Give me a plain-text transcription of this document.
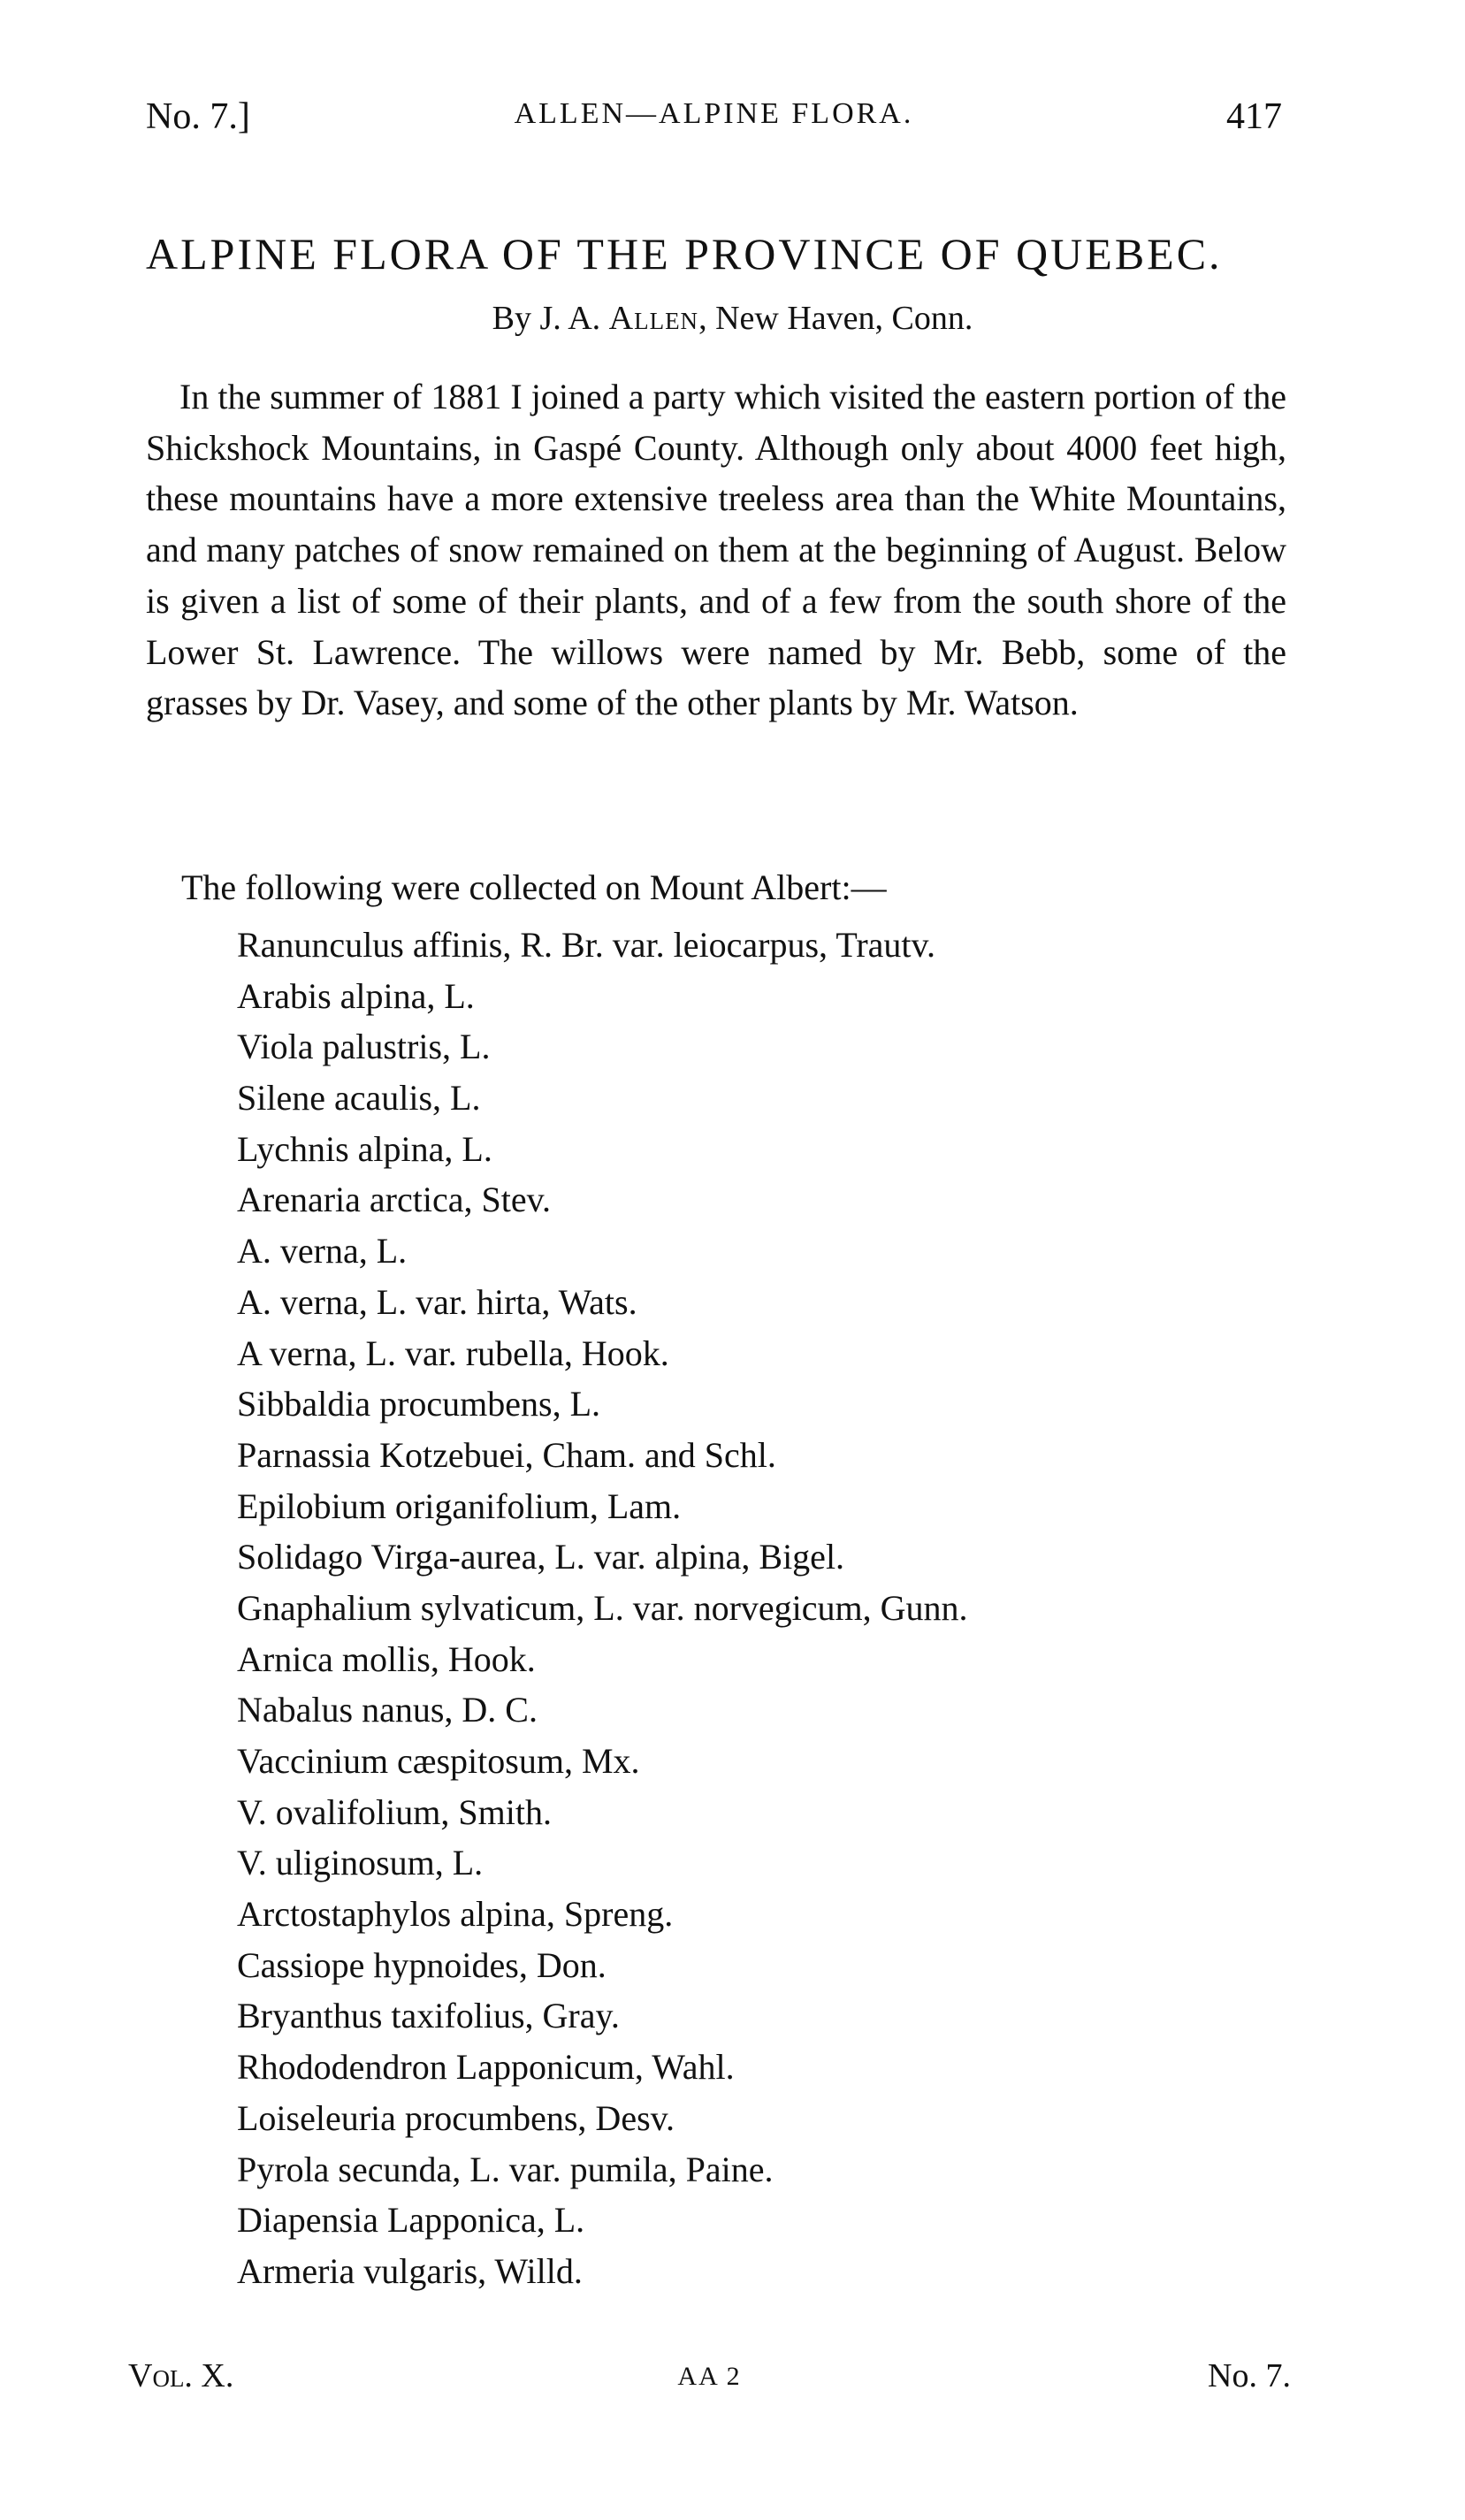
No. 7.]	ALLEN—ALPINE FLORA.	417
ALPINE FLORA OF THE PROVINCE OF QUEBEC.
By J. A. Allen, New Haven, Conn.

In the summer of 1881 I joined a party which visited the eastern portion of the Shickshock Mountains, in Gaspé County. Although only about 4000 feet high, these mountains have a more extensive treeless area than the White Mountains, and many patches of snow remained on them at the beginning of August. Below is given a list of some of their plants, and of a few from the south shore of the Lower St. Lawrence. The willows were named by Mr. Bebb, some of the grasses by Dr. Vasey, and some of the other plants by Mr. Watson.

The following were collected on Mount Albert:—
Ranunculus affinis, R. Br. var. leiocarpus, Trautv.
Arabis alpina, L.
Viola palustris, L.
Silene acaulis, L.
Lychnis alpina, L.
Arenaria arctica, Stev.
A. verna, L.
A. verna, L. var. hirta, Wats.
A verna, L. var. rubella, Hook.
Sibbaldia procumbens, L.
Parnassia Kotzebuei, Cham. and Schl.
Epilobium origanifolium, Lam.
Solidago Virga-aurea, L. var. alpina, Bigel.
Gnaphalium sylvaticum, L. var. norvegicum, Gunn.
Arnica mollis, Hook.
Nabalus nanus, D. C.
Vaccinium cæspitosum, Mx.
V. ovalifolium, Smith.
V. uliginosum, L.
Arctostaphylos alpina, Spreng.
Cassiope hypnoides, Don.
Bryanthus taxifolius, Gray.
Rhododendron Lapponicum, Wahl.
Loiseleuria procumbens, Desv.
Pyrola secunda, L. var. pumila, Paine.
Diapensia Lapponica, L.
Armeria vulgaris, Willd.
Vol. X.	AA 2	No. 7.
